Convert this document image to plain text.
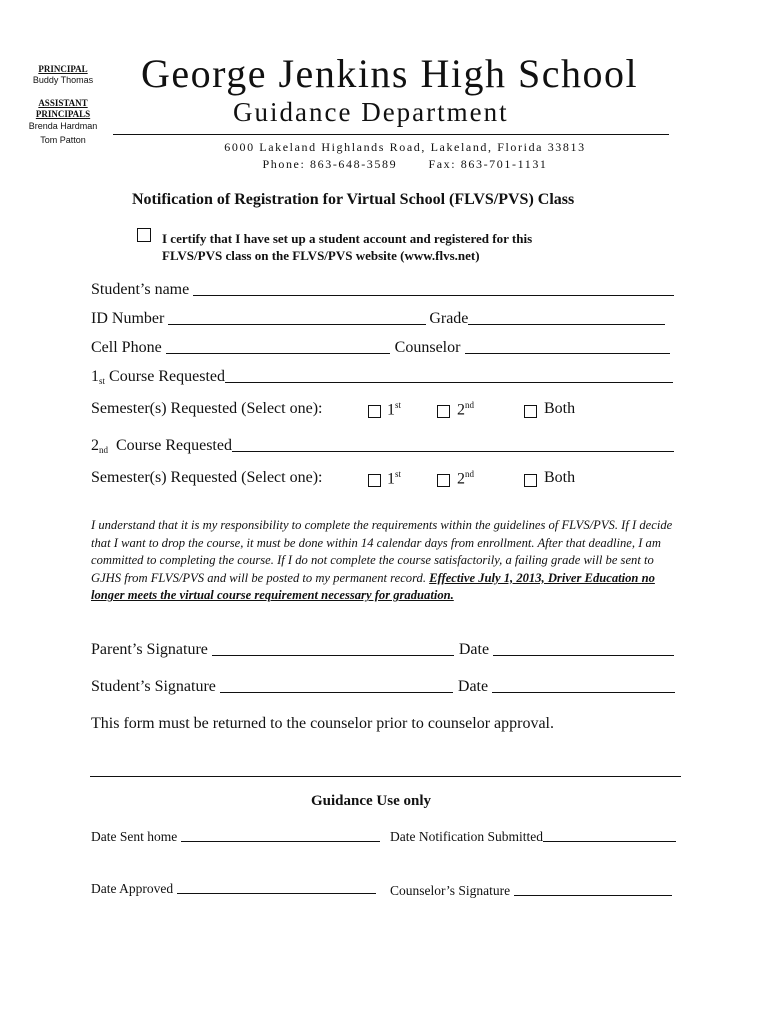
PRINCIPAL
Buddy Thomas
ASSISTANT
PRINCIPALS
Brenda Hardman
Tom Patton
George Jenkins High School
Guidance Department
6000 Lakeland Highlands Road, Lakeland, Florida 33813
Phone: 863-648-3589	Fax: 863-701-1131
Notification of Registration for Virtual School (FLVS/PVS) Class
I certify that I have set up a student account and registered for this
FLVS/PVS class on the FLVS/PVS website (www.flvs.net)
Student’s name
ID Number	Grade
Cell Phone	Counselor
$1_{st}$
Course Requested
Semester(s) Requested (Select one):	1st	2nd	Both
$2_{nd}$
Course Requested
Semester(s) Requested (Select one):	1st	2nd	Both
I understand that it is my responsibility to complete the requirements within the guidelines of FLVS/PVS. If I decide that I want to drop the course, it must be done within 14 calendar days from enrollment. After that deadline, I am committed to completing the course. If I do not complete the course satisfactorily, a failing grade will be sent to GJHS from FLVS/PVS and will be posted to my permanent record. Effective July 1, 2013, Driver Education no longer meets the virtual course requirement necessary for graduation.
Parent’s Signature	Date
Student’s Signature	Date
This form must be returned to the counselor prior to counselor approval.
Guidance Use only
Date Sent home	Date Notification Submitted
Date Approved	Counselor’s Signature
